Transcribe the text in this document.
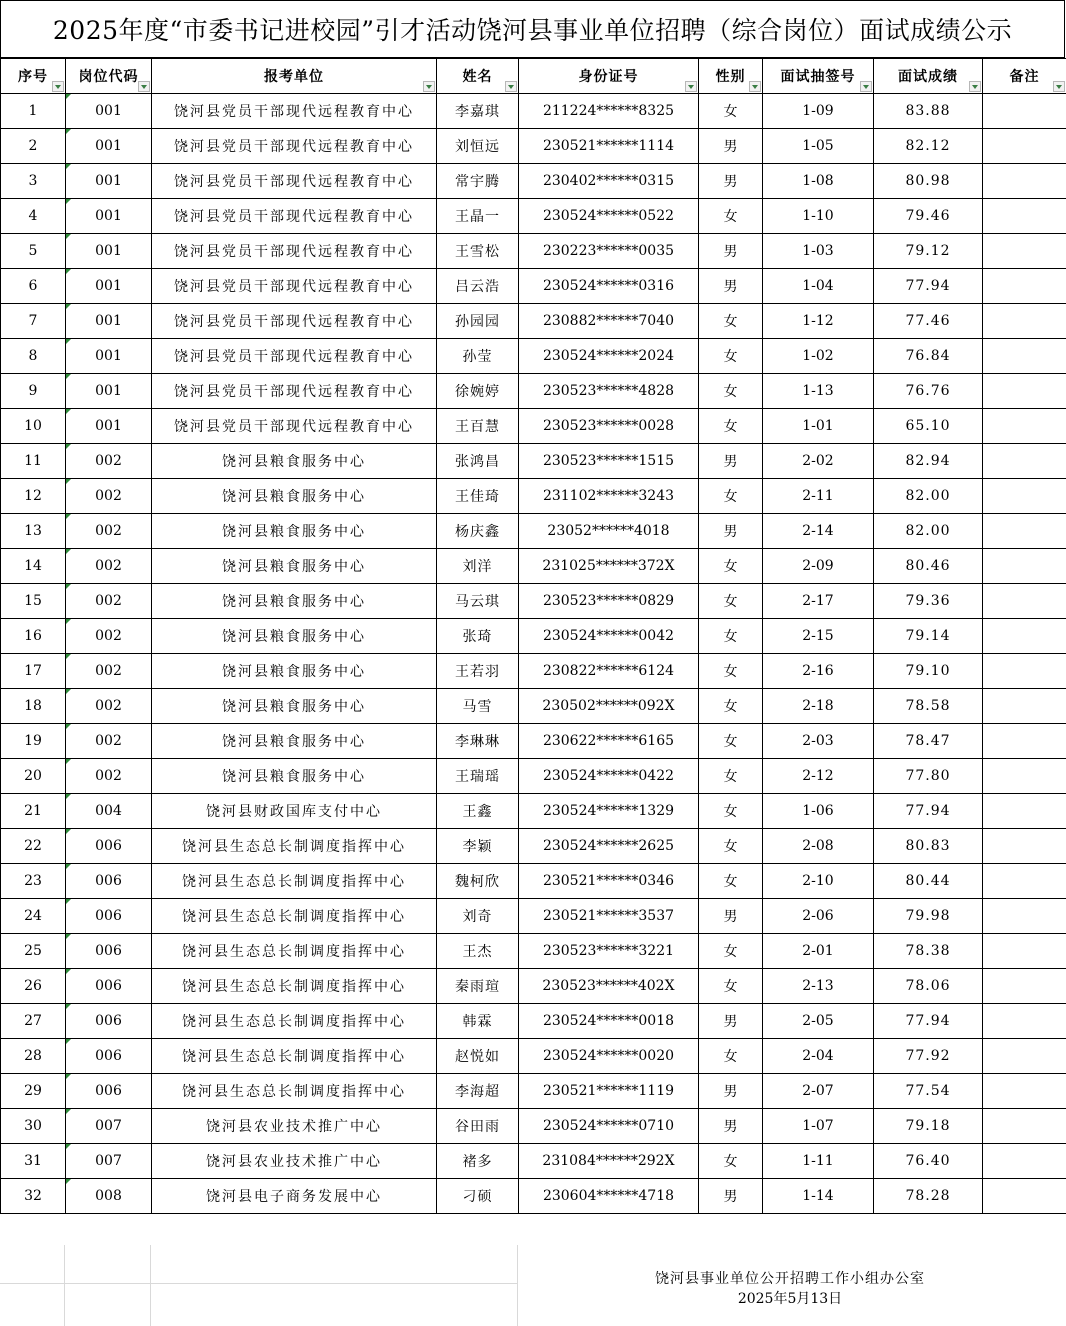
2025年度“市委书记进校园”引才活动饶河县事业单位招聘（综合岗位）面试成绩公示
序号	岗位代码	报考单位	姓名	身份证号	性别	面试抽签号	面试成绩	备注

1	001	饶河县党员干部现代远程教育中心	李嘉琪	211224******8325	女	1-09	83.88	
2	001	饶河县党员干部现代远程教育中心	刘恒远	230521******1114	男	1-05	82.12	
3	001	饶河县党员干部现代远程教育中心	常宇腾	230402******0315	男	1-08	80.98	
4	001	饶河县党员干部现代远程教育中心	王晶一	230524******0522	女	1-10	79.46	
5	001	饶河县党员干部现代远程教育中心	王雪松	230223******0035	男	1-03	79.12	
6	001	饶河县党员干部现代远程教育中心	吕云浩	230524******0316	男	1-04	77.94	
7	001	饶河县党员干部现代远程教育中心	孙园园	230882******7040	女	1-12	77.46	
8	001	饶河县党员干部现代远程教育中心	孙莹	230524******2024	女	1-02	76.84	
9	001	饶河县党员干部现代远程教育中心	徐婉婷	230523******4828	女	1-13	76.76	
10	001	饶河县党员干部现代远程教育中心	王百慧	230523******0028	女	1-01	65.10	
11	002	饶河县粮食服务中心	张鸿昌	230523******1515	男	2-02	82.94	
12	002	饶河县粮食服务中心	王佳琦	231102******3243	女	2-11	82.00	
13	002	饶河县粮食服务中心	杨庆鑫	23052******4018	男	2-14	82.00	
14	002	饶河县粮食服务中心	刘洋	231025******372X	女	2-09	80.46	
15	002	饶河县粮食服务中心	马云琪	230523******0829	女	2-17	79.36	
16	002	饶河县粮食服务中心	张琦	230524******0042	女	2-15	79.14	
17	002	饶河县粮食服务中心	王若羽	230822******6124	女	2-16	79.10	
18	002	饶河县粮食服务中心	马雪	230502******092X	女	2-18	78.58	
19	002	饶河县粮食服务中心	李琳琳	230622******6165	女	2-03	78.47	
20	002	饶河县粮食服务中心	王瑞瑶	230524******0422	女	2-12	77.80	
21	004	饶河县财政国库支付中心	王鑫	230524******1329	女	1-06	77.94	
22	006	饶河县生态总长制调度指挥中心	李颖	230524******2625	女	2-08	80.83	
23	006	饶河县生态总长制调度指挥中心	魏柯欣	230521******0346	女	2-10	80.44	
24	006	饶河县生态总长制调度指挥中心	刘奇	230521******3537	男	2-06	79.98	
25	006	饶河县生态总长制调度指挥中心	王杰	230523******3221	女	2-01	78.38	
26	006	饶河县生态总长制调度指挥中心	秦雨瑄	230523******402X	女	2-13	78.06	
27	006	饶河县生态总长制调度指挥中心	韩霖	230524******0018	男	2-05	77.94	
28	006	饶河县生态总长制调度指挥中心	赵悦如	230524******0020	女	2-04	77.92	
29	006	饶河县生态总长制调度指挥中心	李海超	230521******1119	男	2-07	77.54	
30	007	饶河县农业技术推广中心	谷田雨	230524******0710	男	1-07	79.18	
31	007	饶河县农业技术推广中心	褚多	231084******292X	女	1-11	76.40	
32	008	饶河县电子商务发展中心	刁硕	230604******4718	男	1-14	78.28	
饶河县事业单位公开招聘工作小组办公室
2025年5月13日
